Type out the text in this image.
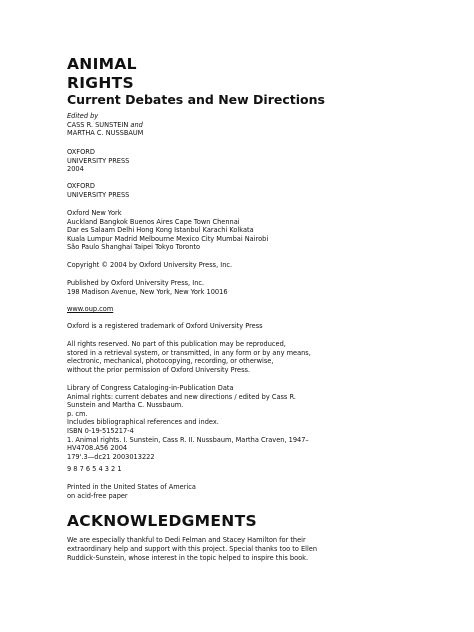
ANIMAL
RIGHTS
Current Debates and New Directions
Edited by
CASS R. SUNSTEIN and
MARTHA C. NUSSBAUM
OXFORD
UNIVERSITY PRESS
2004
OXFORD
UNIVERSITY PRESS
Oxford New York
Auckland Bangkok Buenos Aires Cape Town Chennai
Dar es Salaam Delhi Hong Kong Istanbul Karachi Kolkata
Kuala Lumpur Madrid Melbourne Mexico City Mumbai Nairobi
São Paulo Shanghai Taipei Tokyo Toronto
Copyright © 2004 by Oxford University Press, Inc.
Published by Oxford University Press, Inc.
198 Madison Avenue, New York, New York 10016
www.oup.com
Oxford is a registered trademark of Oxford University Press
All rights reserved. No part of this publication may be reproduced,
stored in a retrieval system, or transmitted, in any form or by any means,
electronic, mechanical, photocopying, recording, or otherwise,
without the prior permission of Oxford University Press.
Library of Congress Cataloging-in-Publication Data
Animal rights: current debates and new directions / edited by Cass R.
Sunstein and Martha C. Nussbaum.
p. cm.
Includes bibliographical references and index.
ISBN 0-19-515217-4
1. Animal rights. I. Sunstein, Cass R. II. Nussbaum, Martha Craven, 1947–
HV4708.A56 2004
179'.3—dc21 2003013222
9 8 7 6 5 4 3 2 1
Printed in the United States of America
on acid-free paper
ACKNOWLEDGMENTS
We are especially thankful to Dedi Felman and Stacey Hamilton for their
extraordinary help and support with this project. Special thanks too to Ellen
Ruddick-Sunstein, whose interest in the topic helped to inspire this book.
